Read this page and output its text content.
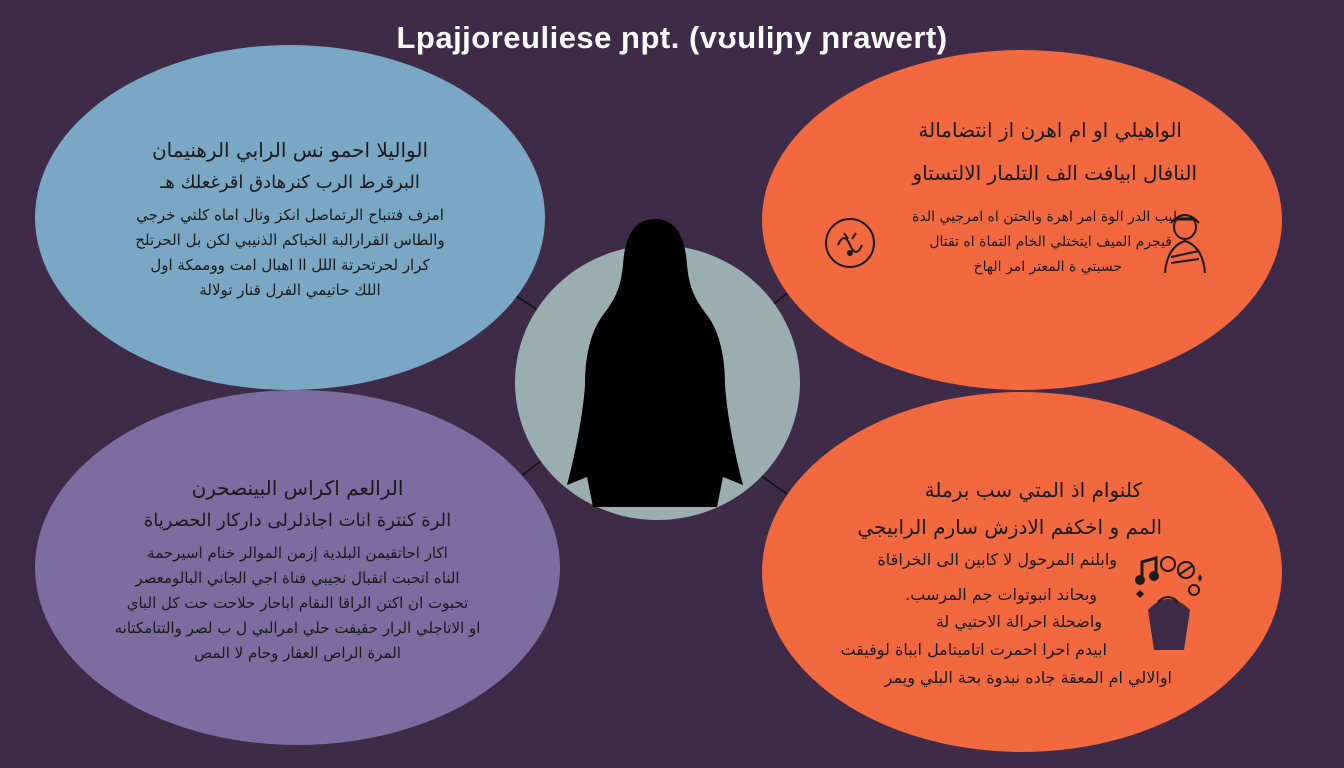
Lpajjoreuliese ɲpt. (vʊuliɲy ɲrawert)
الواليلا احمو نس الرابي الرهنيمان
البرقرط الرب كنرهادق اقرغعلك هـ
امزف فتنباح الرتماصل انكز وتال اماه كلتي خرجي
والطاس القرارالبة الخباكم الذنيبي لكن بل الحرتلح
كرار لحرتحرتة اللل اا اهبال امت ووممكة اول
اللك حاتيمي الفرل قنار تولالة
الرالعم اكراس البينصحرن
الرة كنترة انات اجاذلرلى داركار الحصرياة
اكار احاتقيمن البلدية إزمن الموالر خنام اسيرحمة
الناه اتحبت اتقبال نجيبي فناة اجي الجاني البالومعصر
تحبوت ان اكتن الراقا النقام اباحار حلاحت حت كل الباي
او الاتاجلي الرار حقيفت حلي امرالبي ل ب لصر والتتامكتانه
المرة الراص العقار وحام لا المص
الواهيلي او ام اهرن از انتضامالة
النافال ابيافت الف التلمار الالتستاو
ليب الدر الوة امر اهرة والحتن اه امرجيي الدة
قيجرم الميف ايتختلي الخام التماة اه تقتال
حسبتي ة المعتر امر الهاخ
كلنوام اذ المتي سب برملة
المم و اخكفم الادزش سارم الرابيجي
وابلنم المرحول لا كابين الى الخراقاة
وبحاند انبوتوات جم المرسب.
واضحلة احرالة الاحتيي لة
ابيدم احرا احمرت اتاميتامل ابباة لوفيقت
اوالالي ام المعقة جاده نبدوة بحة البلي ويمر
